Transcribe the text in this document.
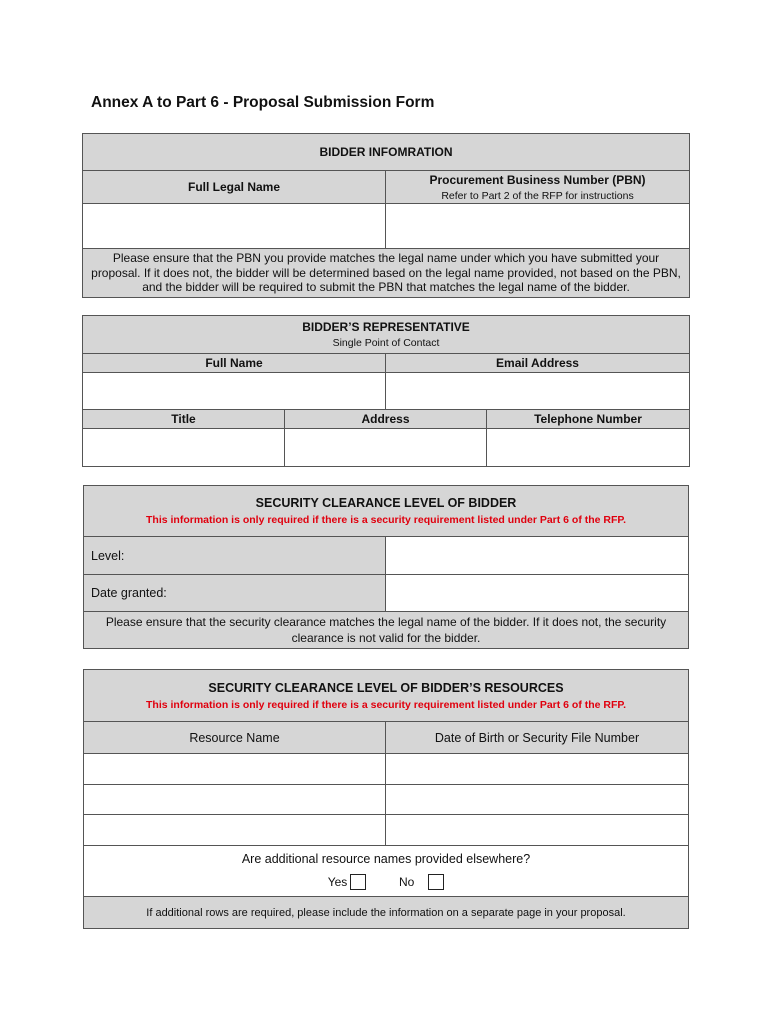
Annex A to Part 6 - Proposal Submission Form
BIDDER INFOMRATION	
Full Legal Name	Procurement Business Number (PBN)
Refer to Part 2 of the RFP for instructions

Please ensure that the PBN you provide matches the legal name under which you have submitted your proposal. If it does not, the bidder will be determined based on the legal name provided, not based on the PBN, and the bidder will be required to submit the PBN that matches the legal name of the bidder.	
BIDDER’S REPRESENTATIVE
Single Point of Contact			

Full Name		Email Address	

Title	Address		Telephone Number

SECURITY CLEARANCE LEVEL OF BIDDER
This information is only required if there is a security requirement listed under Part 6 of the RFP.	

Level:	
Date granted:	
Please ensure that the security clearance matches the legal name of the bidder. If it does not, the security clearance is not valid for the bidder.	
SECURITY CLEARANCE LEVEL OF BIDDER’S RESOURCES
This information is only required if there is a security requirement listed under Part 6 of the RFP.	

Resource Name	Date of Birth or Security File Number

Are additional resource names provided elsewhere?
Yes No	

If additional rows are required, please include the information on a separate page in your proposal.	
